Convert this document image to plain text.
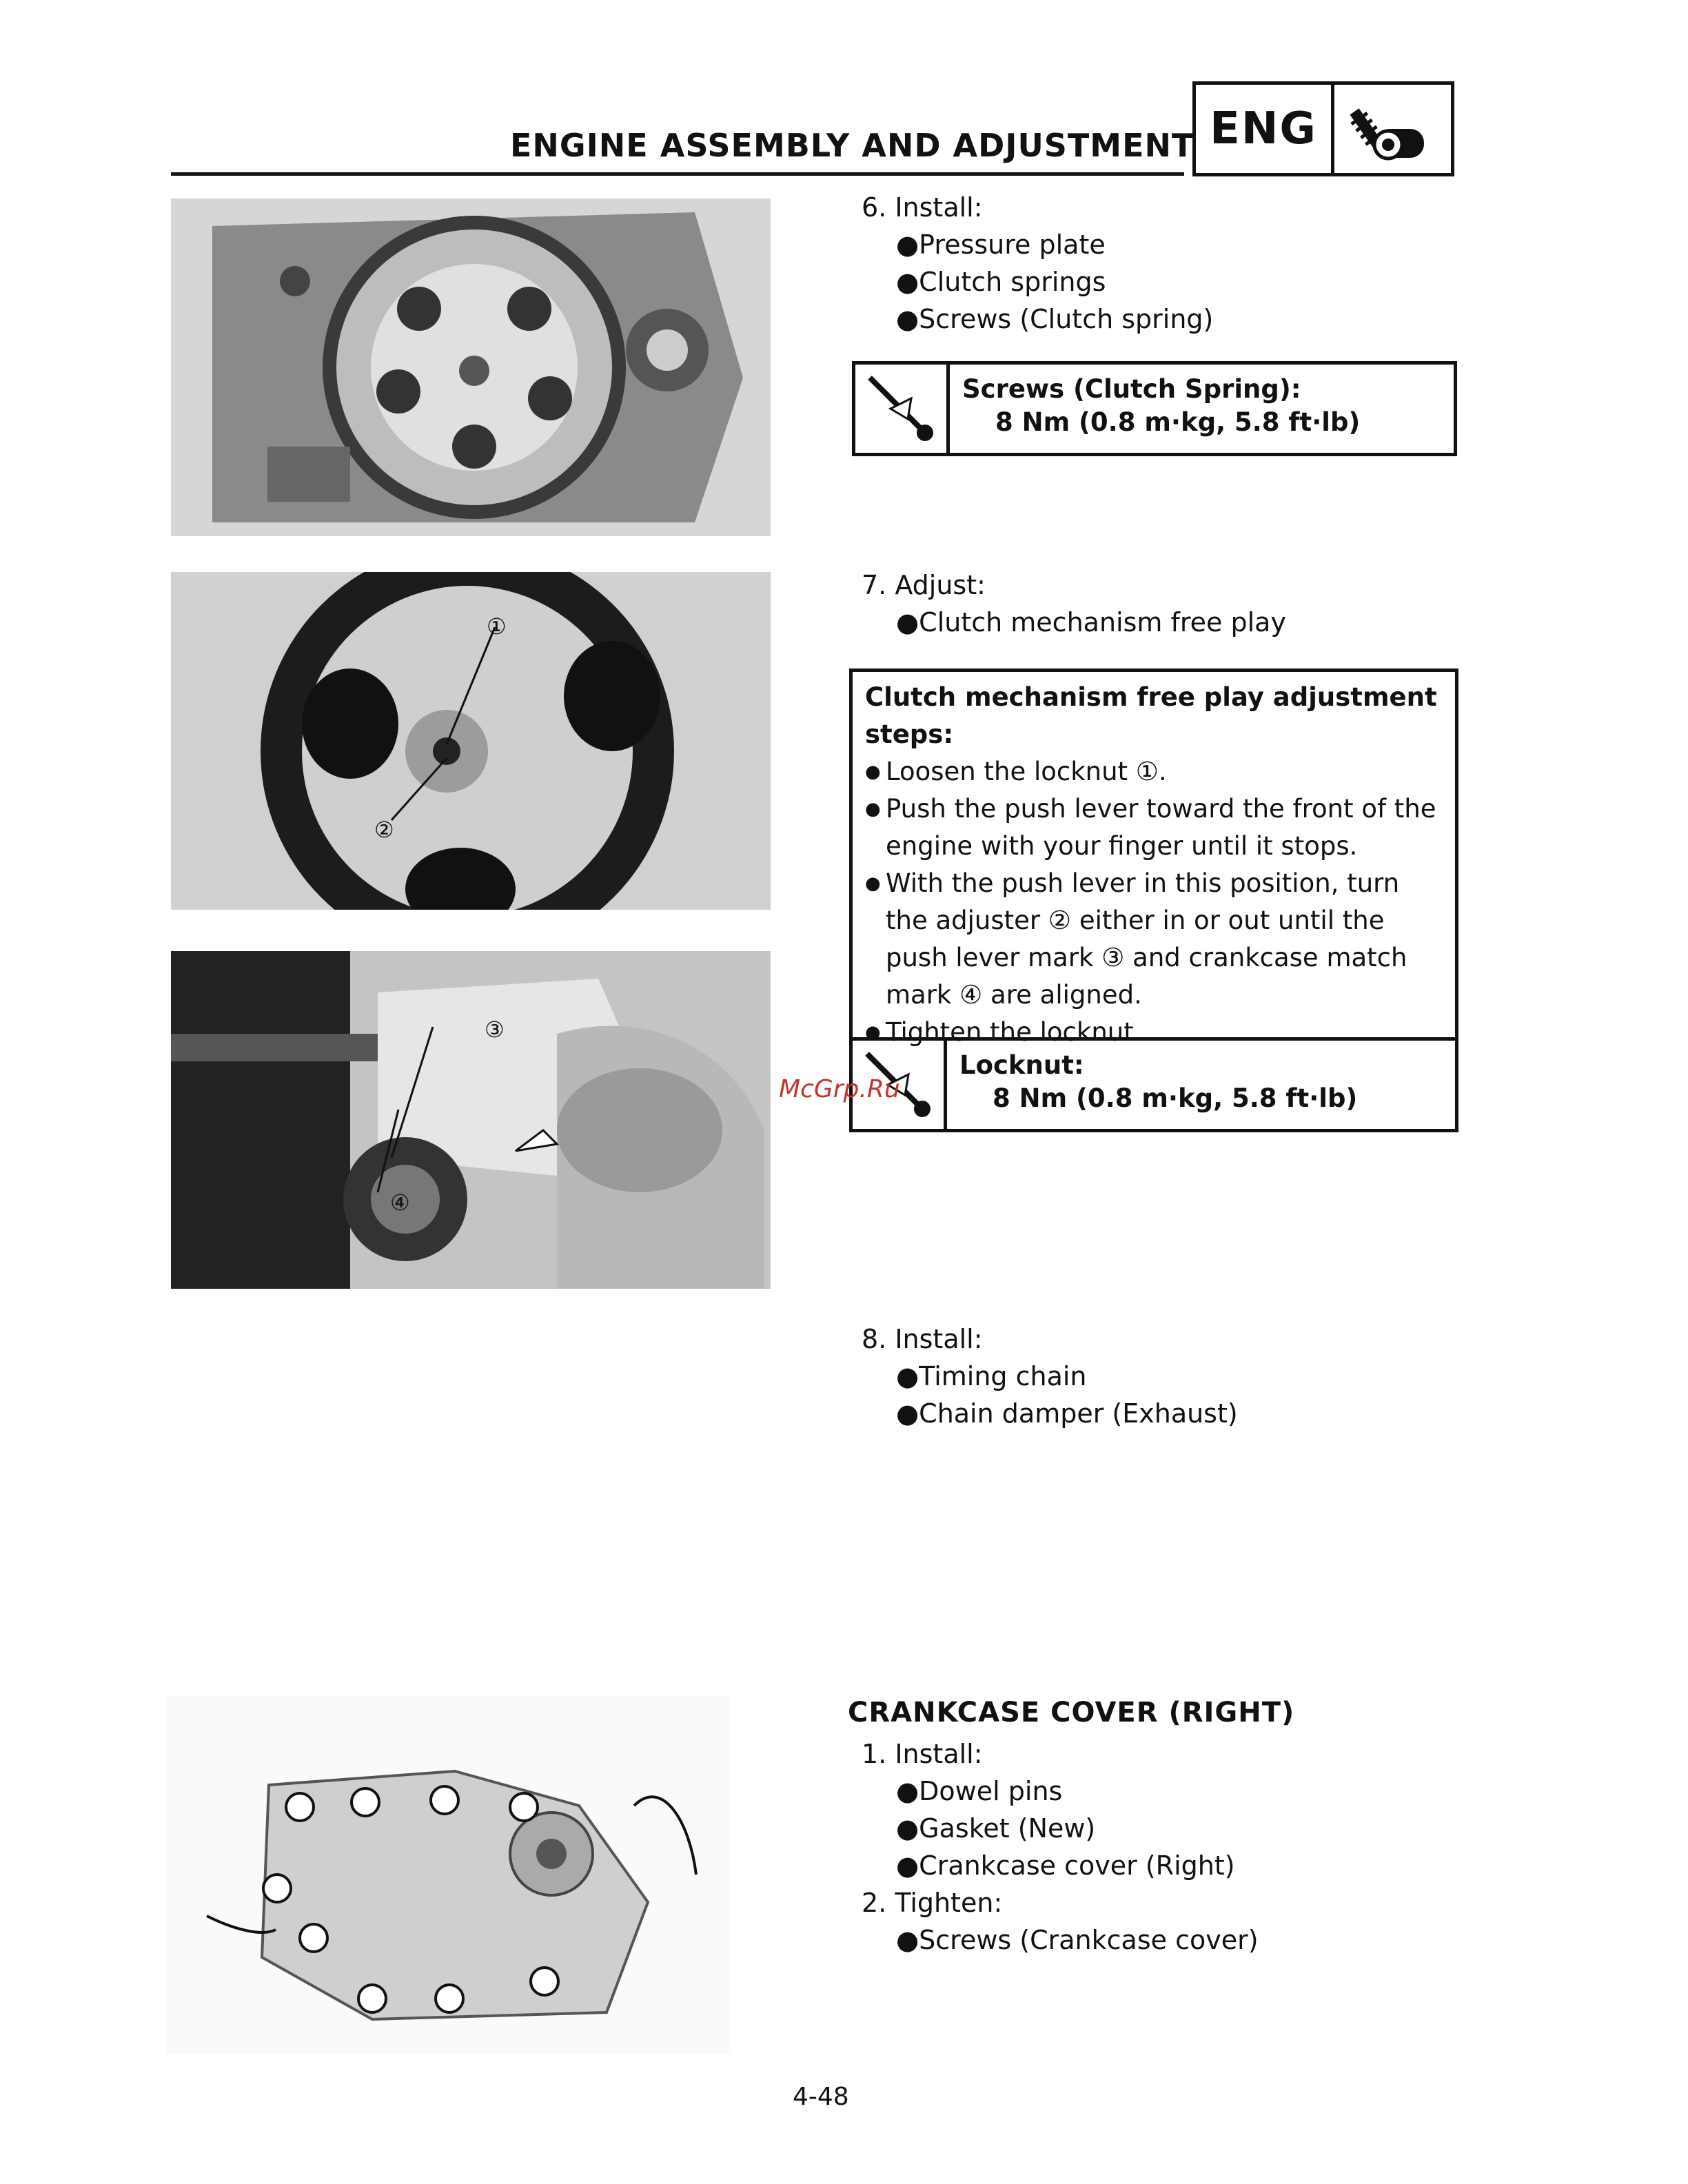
ENGINE ASSEMBLY AND ADJUSTMENT ENG
①
②
③
④
6. Install:
●Pressure plate
●Clutch springs
●Screws (Clutch spring)
Screws (Clutch Spring):
8 Nm (0.8 m·kg, 5.8 ft·lb)
7. Adjust:
●Clutch mechanism free play
Clutch mechanism free play adjustment steps:
● Loosen the locknut ①.
● Push the push lever toward the front of the engine with your finger until it stops.
● With the push lever in this position, turn the adjuster ② either in or out until the push lever mark ③ and crankcase match mark ④ are aligned.
● Tighten the locknut.
Locknut:
8 Nm (0.8 m·kg, 5.8 ft·lb)
McGrp.Ru
8. Install:
●Timing chain
●Chain damper (Exhaust)
CRANKCASE COVER (RIGHT)
1. Install:
●Dowel pins
●Gasket (New)
●Crankcase cover (Right)
2. Tighten:
●Screws (Crankcase cover)
4-48
